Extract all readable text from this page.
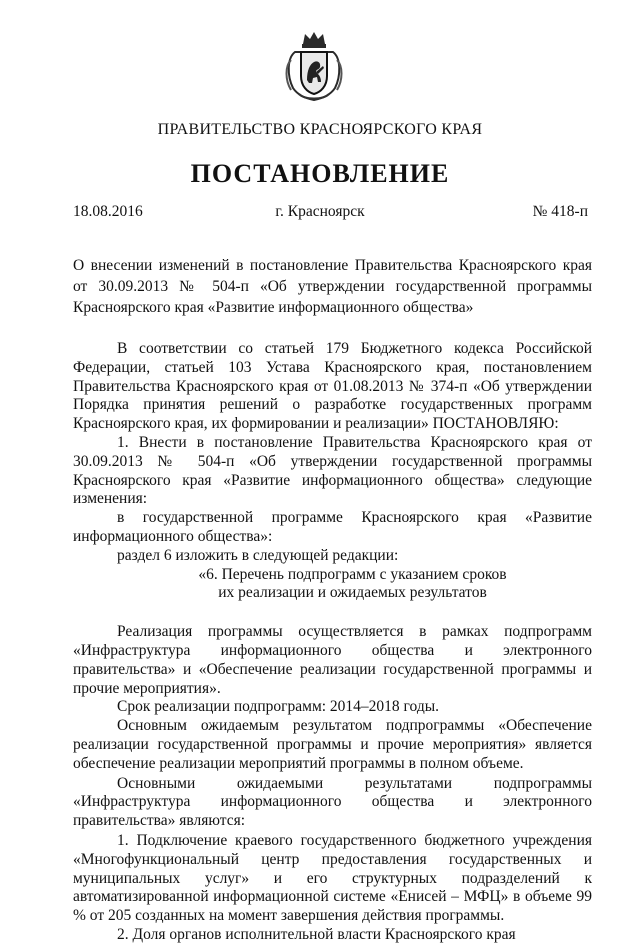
ПРАВИТЕЛЬСТВО КРАСНОЯРСКОГО КРАЯ
ПОСТАНОВЛЕНИЕ
18.08.2016	г. Красноярск	№ 418-п
О внесении изменений в постановление Правительства Красноярского края от 30.09.2013 № 504-п «Об утверждении государственной программы Красноярского края «Развитие информационного общества»

В соответствии со статьей 179 Бюджетного кодекса Российской Федерации, статьей 103 Устава Красноярского края, постановлением Правительства Красноярского края от 01.08.2013 № 374-п «Об утверждении Порядка принятия решений о разработке государственных программ Красноярского края, их формировании и реализации» ПОСТАНОВЛЯЮ:

1. Внести в постановление Правительства Красноярского края от 30.09.2013 № 504-п «Об утверждении государственной программы Красноярского края «Развитие информационного общества» следующие изменения:

в государственной программе Красноярского края «Развитие информационного общества»:

раздел 6 изложить в следующей редакции:

«6. Перечень подпрограмм с указанием сроков

их реализации и ожидаемых результатов

Реализация программы осуществляется в рамках подпрограмм «Инфраструктура информационного общества и электронного правительства» и «Обеспечение реализации государственной программы и прочие мероприятия».

Срок реализации подпрограмм: 2014–2018 годы.

Основным ожидаемым результатом подпрограммы «Обеспечение реализации государственной программы и прочие мероприятия» является обеспечение реализации мероприятий программы в полном объеме.

Основными ожидаемыми результатами подпрограммы «Инфраструктура информационного общества и электронного правительства» являются:

1. Подключение краевого государственного бюджетного учреждения «Многофункциональный центр предоставления государственных и муниципальных услуг» и его структурных подразделений к автоматизированной информационной системе «Енисей – МФЦ» в объеме 99 % от 205 созданных на момент завершения действия программы.

2. Доля органов исполнительной власти Красноярского края
